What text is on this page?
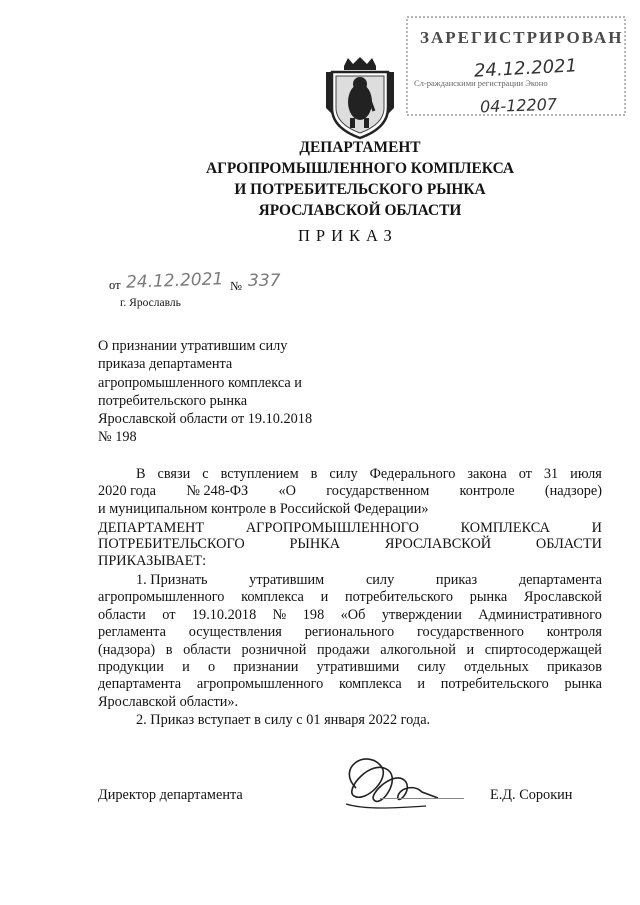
ЗАРЕГИСТРИРОВАН
24.12.2021
Сл-ражданскими регистрации Эконо
04-12207
ДЕПАРТАМЕНТ
АГРОПРОМЫШЛЕННОГО КОМПЛЕКСА
И ПОТРЕБИТЕЛЬСКОГО РЫНКА
ЯРОСЛАВСКОЙ ОБЛАСТИ
ПРИКАЗ
от 24.12.2021 № 337
г. Ярославль
О признании утратившим силу
приказа департамента
агропромышленного комплекса и
потребительского рынка
Ярославской области от 19.10.2018
№ 198
В связи с вступлением в силу Федерального закона от 31 июля
2020 года № 248-ФЗ «О государственном контроле (надзоре)
и муниципальном контроле в Российской Федерации»
ДЕПАРТАМЕНТ	АГРОПРОМЫШЛЕННОГО	КОМПЛЕКСА	И
ПОТРЕБИТЕЛЬСКОГО	РЫНКА	ЯРОСЛАВСКОЙ	ОБЛАСТИ
ПРИКАЗЫВАЕТ:
1. Признать	утратившим	силу	приказ	департамента
агропромышленного комплекса и потребительского рынка Ярославской
области от 19.10.2018 № 198 «Об утверждении Административного
регламента осуществления регионального государственного контроля
(надзора) в области розничной продажи алкогольной и спиртосодержащей
продукции и о признании утратившими силу отдельных приказов
департамента агропромышленного комплекса и потребительского рынка
Ярославской области».
2. Приказ вступает в силу с 01 января 2022 года.
Директор департамента	Е.Д. Сорокин
